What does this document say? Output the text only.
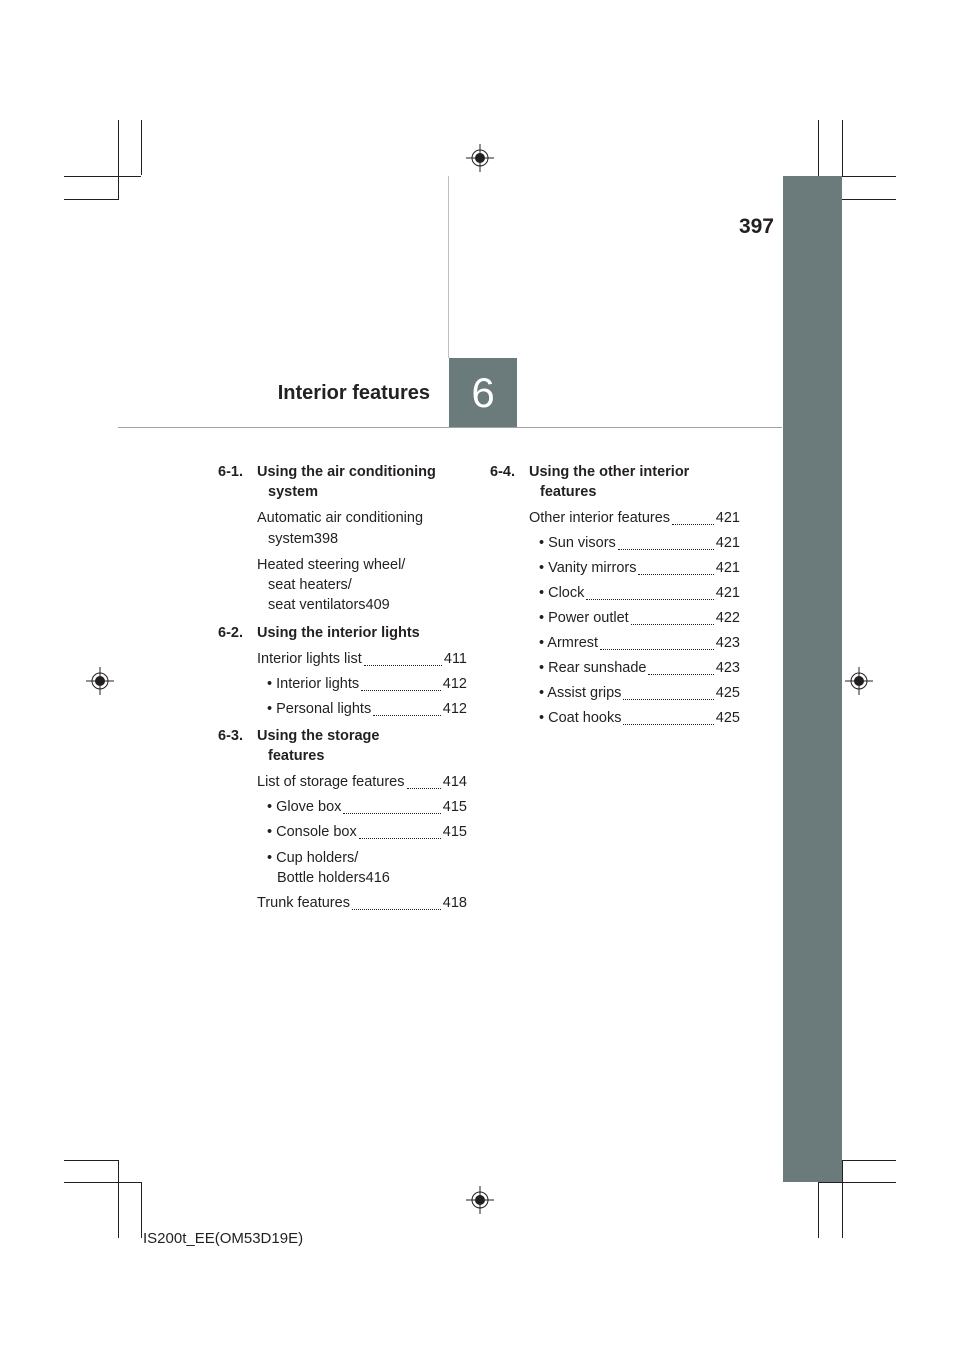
397
Interior features 6
6-1. Using the air conditioning
system
Automatic air conditioning
system 398
Heated steering wheel/
seat heaters/
seat ventilators 409
6-2. Using the interior lights
Interior lights list	411
• Interior lights	412
• Personal lights	412
6-3. Using the storage
features
List of storage features	414
• Glove box	415
• Console box	415
• Cup holders/
Bottle holders 416
Trunk features	418
6-4. Using the other interior
features
Other interior features	421
• Sun visors	421
• Vanity mirrors	421
• Clock	421
• Power outlet	422
• Armrest	423
• Rear sunshade	423
• Assist grips	425
• Coat hooks	425
IS200t_EE(OM53D19E)
